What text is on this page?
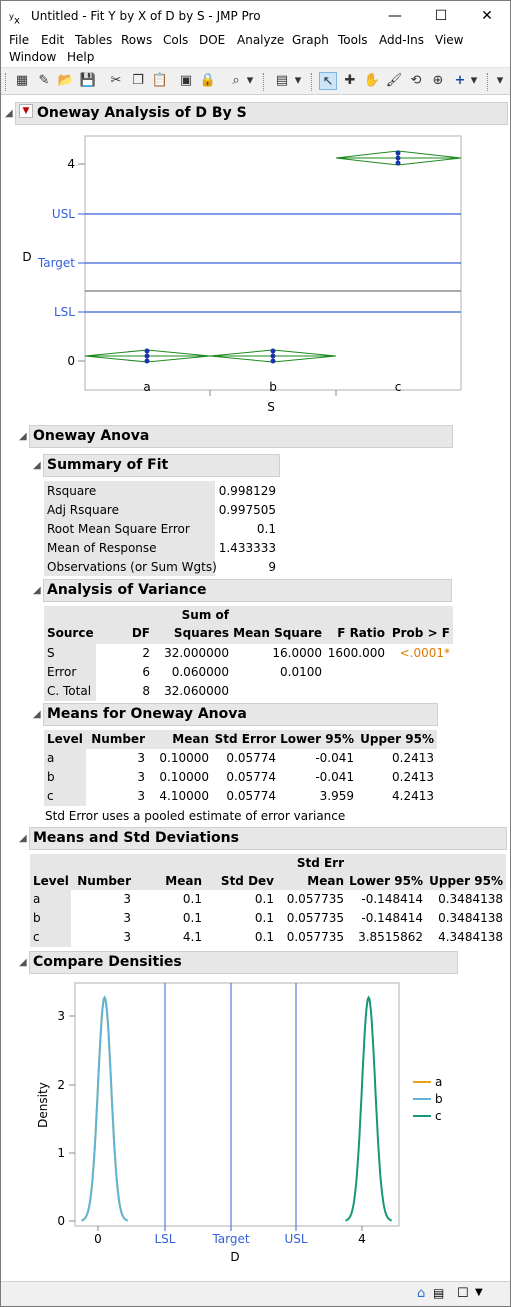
$^y$x Untitled - Fit Y by X of D by S - JMP Pro	—	☐	✕
File Edit Tables Rows Cols DOE Analyze Graph Tools Add-Ins View
Window Help
▦ ✎ 📂 💾 ✂ ❐ 📋 ▣ 🔒	⌕ ▾ ▤ ▾ ↖ ✚ ✋ 🖌 ⟲ ⊕ + ▾ ▾
◢	▼ Oneway Analysis of D By S
D
S
4
0
USL
Target
LSL
a	b	c
◢ Oneway Anova
◢ Summary of Fit
Rsquare	0.998129
Adj Rsquare	0.997505
Root Mean Square Error	0.1
Mean of Response	1.433333
Observations (or Sum Wgts)	9
◢ Analysis of Variance
Sum of
Source	DF	Squares Mean Square	F Ratio Prob > F
S	2	32.000000	16.0000 1600.000	<.0001*
Error	6	0.060000	0.0100
C. Total	8	32.060000
◢ Means for Oneway Anova
Level Number	Mean Std Error Lower 95% Upper 95%
a	3	0.10000	0.05774	-0.041	0.2413
b	3	0.10000	0.05774	-0.041	0.2413
c	3	4.10000	0.05774	3.959	4.2413
Std Error uses a pooled estimate of error variance
◢ Means and Std Deviations
Std Err
Level Number	Mean	Std Dev	Mean Lower 95% Upper 95%
a	3	0.1	0.1	0.057735	-0.148414	0.3484138
b	3	0.1	0.1	0.057735	-0.148414	0.3484138
c	3	4.1	0.1	0.057735	3.8515862	4.3484138
◢ Compare Densities
Density
3
2
1
0
0	LSL	Target	USL	4
D
a
b
c
⌂ ▤ ☐ ▼
